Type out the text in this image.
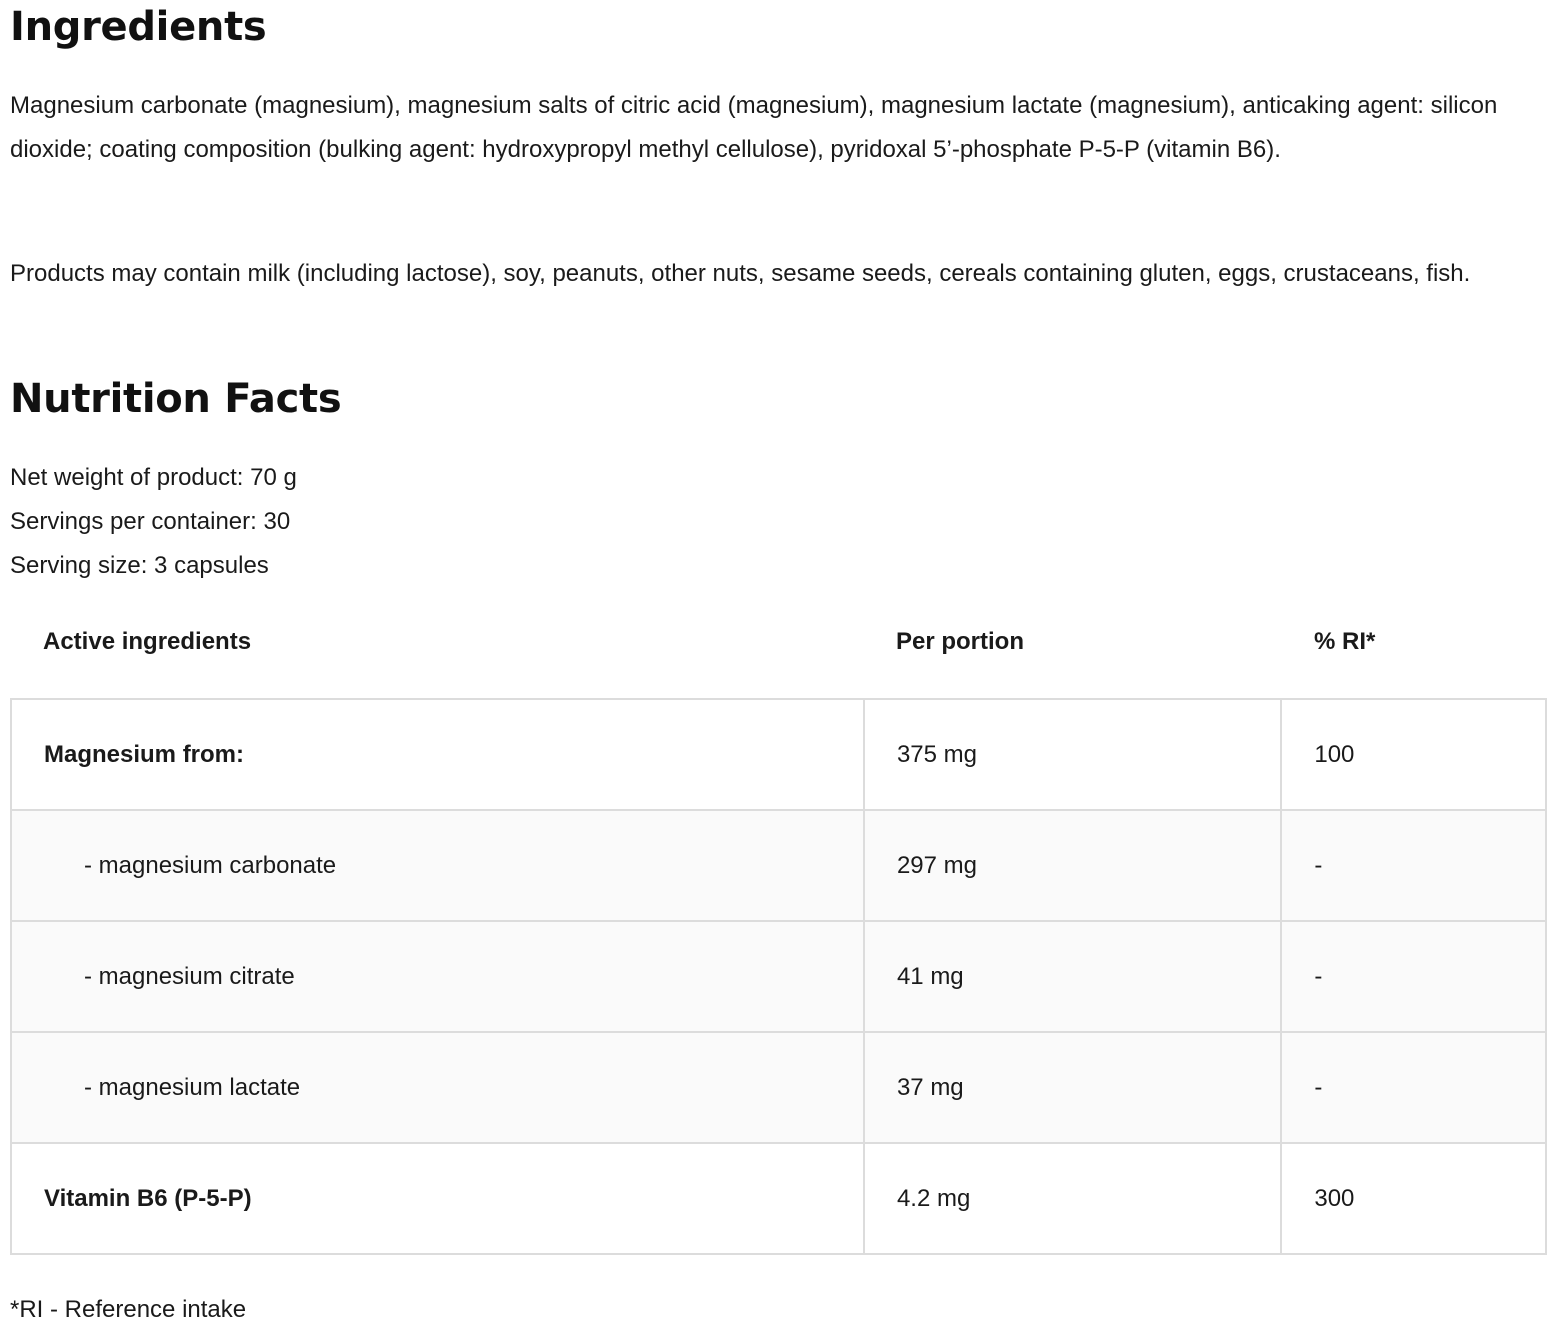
Ingredients

Magnesium carbonate (magnesium), magnesium salts of citric acid (magnesium), magnesium lactate (magnesium), anticaking agent: silicon dioxide; coating composition (bulking agent: hydroxypropyl methyl cellulose), pyridoxal 5’-phosphate P-5-P (vitamin B6).

Products may contain milk (including lactose), soy, peanuts, other nuts, sesame seeds, cereals containing gluten, eggs, crustaceans, fish.

Nutrition Facts
Net weight of product: 70 g
Servings per container: 30
Serving size: 3 capsules
Active ingredients	Per portion	% RI*
Magnesium from:	375 mg	100
- magnesium carbonate	297 mg	-
- magnesium citrate	41 mg	-
- magnesium lactate	37 mg	-
Vitamin B6 (P-5-P)	4.2 mg	300
*RI - Reference intake
